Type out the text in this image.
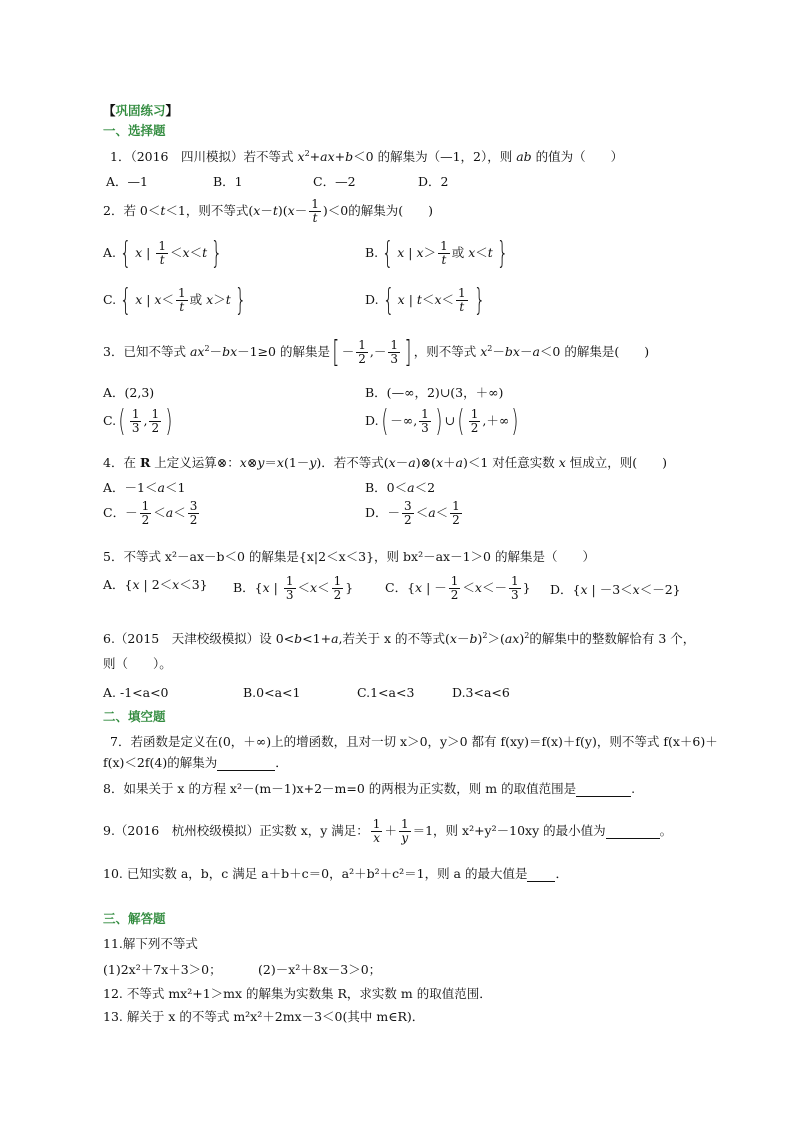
【巩固练习】
一、选择题
1．（2016　四川模拟）若不等式 $x^2+ax+b<0$ 的解集为（—1，2），则 ab 的值为（　　）
A．—1	B．1	C．—2	D．2
2．若 0＜t＜1，则不等式$(x-t)(x- \frac{1}{t} )<0$的解集为(　　)
A. { x | $\frac{1}{t} <x<t$ }	B. { x | $x> \frac{1}{t}$ 或 x＜t }
C. { x | $x< \frac{1}{t}$ 或 x＞t }	D. { x | $t<x< \frac{1}{t}$ }
3．已知不等式 $ax^2-bx-1\ge 0$ 的解集是[ － $\frac{1}{2}$ ,－ $\frac{1}{3}$ ] ，则不等式 $x^2-bx-a<0$ 的解集是(　　)
A．(2,3)	B．(—∞，2)∪(3，＋∞)
$C.( \frac{1}{3}$ , $\frac{1}{2}$ )	D.( －∞, $\frac{1}{3}$ ) ∪( $\frac{1}{2}$ ,＋∞)
4．在 R 上定义运算⊗：x⊗y＝x(1－y)．若不等式(x－a)⊗(x＋a)＜1 对任意实数 x 恒成立，则(　　)
A．－1＜a＜1	B．0＜a＜2
C．－ $\frac{1}{2} <a< \frac{3}{2}$	D．－ $\frac{3}{2} <a< \frac{1}{2}$
5．不等式 x²－ax－b＜0 的解集是{x|2＜x＜3}，则 bx²－ax－1＞0 的解集是（　　）
A．{x | 2＜x＜3} B．{x | $\frac{1}{3} <x< \frac{1}{2}$ }	C．{x | － $\frac{1}{2} <x<- \frac{1}{3}$ } D．{x | －3＜x＜－2}
6.（2015　天津校级模拟）设 0<b<1+a,若关于 x 的不等式$(x-b)^2>(ax)^2$的解集中的整数解恰有 3 个，
则（　　）。
A. -1<a<0	B.0<a<1	C.1<a<3	D.3<a<6
二、填空题
7．若函数是定义在(0，＋∞)上的增函数，且对一切 x＞0，y＞0 都有 f(xy)＝f(x)＋f(y)，则不等式 f(x＋6)＋
f(x)＜2f(4)的解集为	．
8．如果关于 x 的方程 x²－(m－1)x+2－m=0 的两根为正实数，则 m 的取值范围是	.
9.（2016　杭州校级模拟）正实数 x，y 满足： $\frac{1}{x} + \frac{1}{y} =1$，则 x²+y²－10xy 的最小值为	。
10. 已知实数 a，b，c 满足 a＋b＋c＝0，a²＋b²＋c²＝1，则 a 的最大值是 ．
三、解答题
11.解下列不等式
(1)2x²＋7x＋3＞0；	(2)－x²＋8x－3＞0；
12. 不等式 mx²+1＞mx 的解集为实数集 R，求实数 m 的取值范围．
13. 解关于 x 的不等式 m²x²＋2mx－3＜0(其中 m∈R)．
